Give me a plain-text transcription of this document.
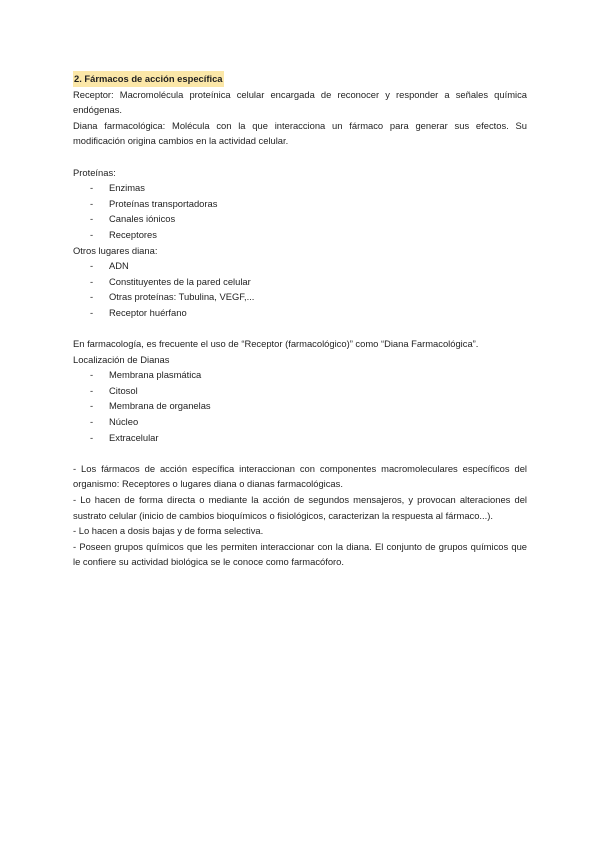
2. Fármacos de acción específica

Receptor: Macromolécula proteínica celular encargada de reconocer y responder a señales química endógenas.

Diana farmacológica: Molécula con la que interacciona un fármaco para generar sus efectos. Su modificación origina cambios en la actividad celular.

Proteínas:

- Enzimas
- Proteínas transportadoras
- Canales iónicos
- Receptores

Otros lugares diana:

- ADN
- Constituyentes de la pared celular
- Otras proteínas: Tubulina, VEGF,...
- Receptor huérfano

En farmacología, es frecuente el uso de “Receptor (farmacológico)” como “Diana Farmacológica”.

Localización de Dianas

- Membrana plasmática
- Citosol
- Membrana de organelas
- Núcleo
- Extracelular

- Los fármacos de acción específica interaccionan con componentes macromoleculares específicos del organismo: Receptores o lugares diana o dianas farmacológicas.

- Lo hacen de forma directa o mediante la acción de segundos mensajeros, y provocan alteraciones del sustrato celular (inicio de cambios bioquímicos o fisiológicos, caracterizan la respuesta al fármaco...).

- Lo hacen a dosis bajas y de forma selectiva.

- Poseen grupos químicos que les permiten interaccionar con la diana. El conjunto de grupos químicos que le confiere su actividad biológica se le conoce como farmacóforo.
